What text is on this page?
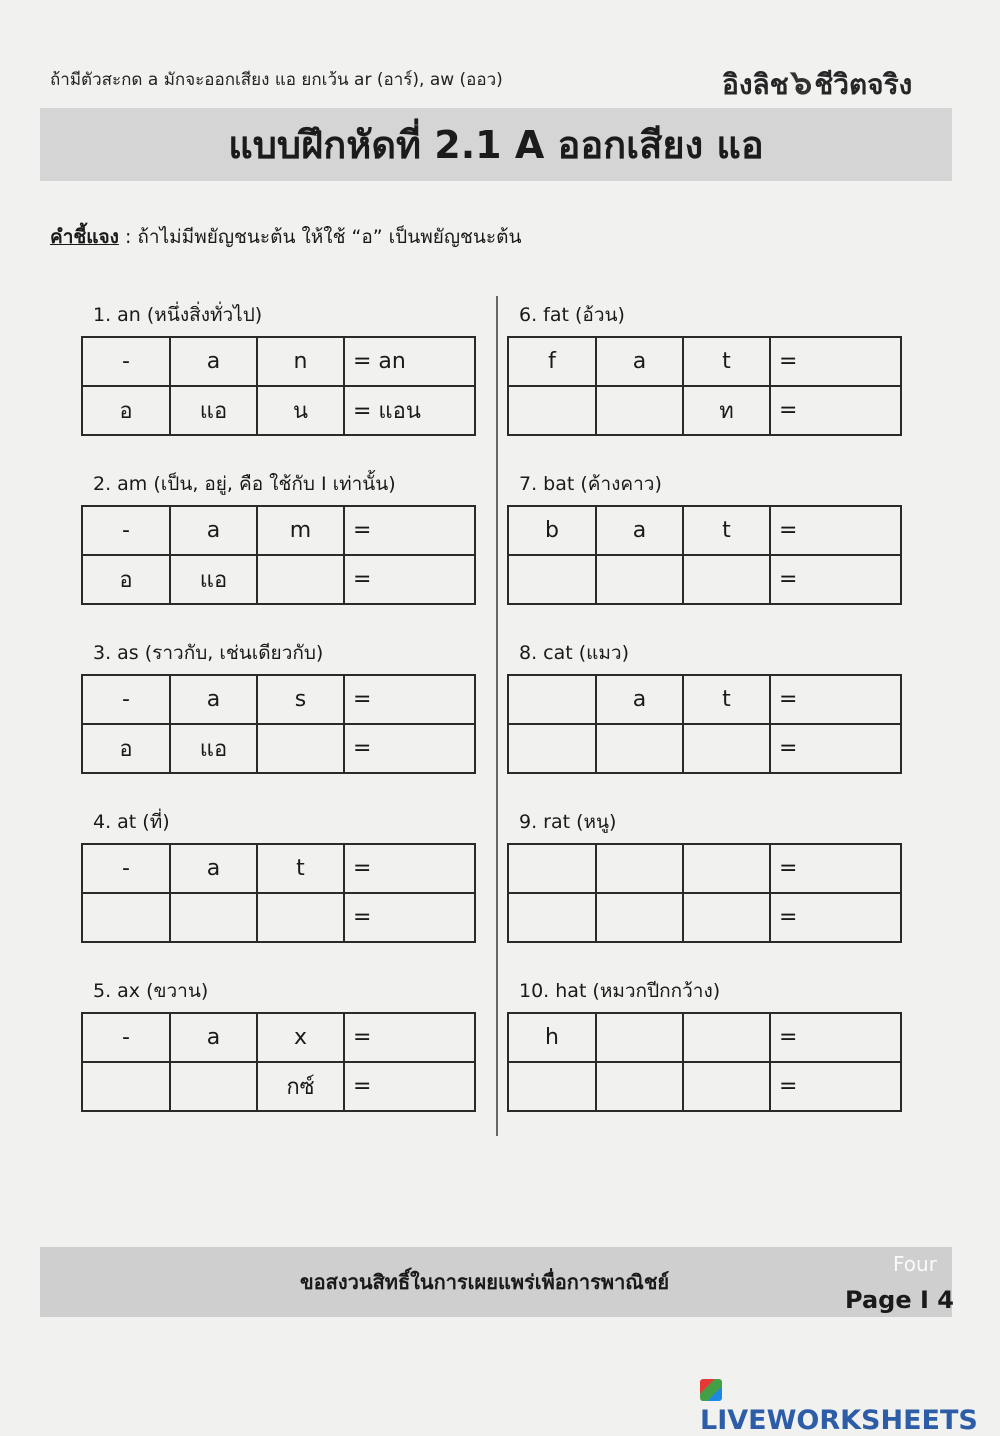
ถ้ามีตัวสะกด a มักจะออกเสียง แอ ยกเว้น ar (อาร์), aw (ออว)	อิงลิช๖ชีวิตจริง
แบบฝึกหัดที่ 2.1 A ออกเสียง แอ
คำชี้แจง : ถ้าไม่มีพยัญชนะต้น ให้ใช้ “อ” เป็นพยัญชนะต้น
1. an (หนึ่งสิ่งทั่วไป)
-	a	n	= an
อ	แอ	น	= แอน
2. am (เป็น, อยู่, คือ ใช้กับ I เท่านั้น)
-	a	m	=
อ	แอ		=
3. as (ราวกับ, เช่นเดียวกับ)
-	a	s	=
อ	แอ		=
4. at (ที่)
-	a	t	=
			=
5. ax (ขวาน)
-	a	x	=
		กซ์	=
6. fat (อ้วน)
f	a	t	=
		ท	=
7. bat (ค้างคาว)
b	a	t	=
			=
8. cat (แมว)
	a	t	=
			=
9. rat (หนู)
			=
			=
10. hat (หมวกปีกกว้าง)
h			=
			=
ขอสงวนสิทธิ์ในการเผยแพร่เพื่อการพาณิชย์
Four
Page I 4
LIVEWORKSHEETS
